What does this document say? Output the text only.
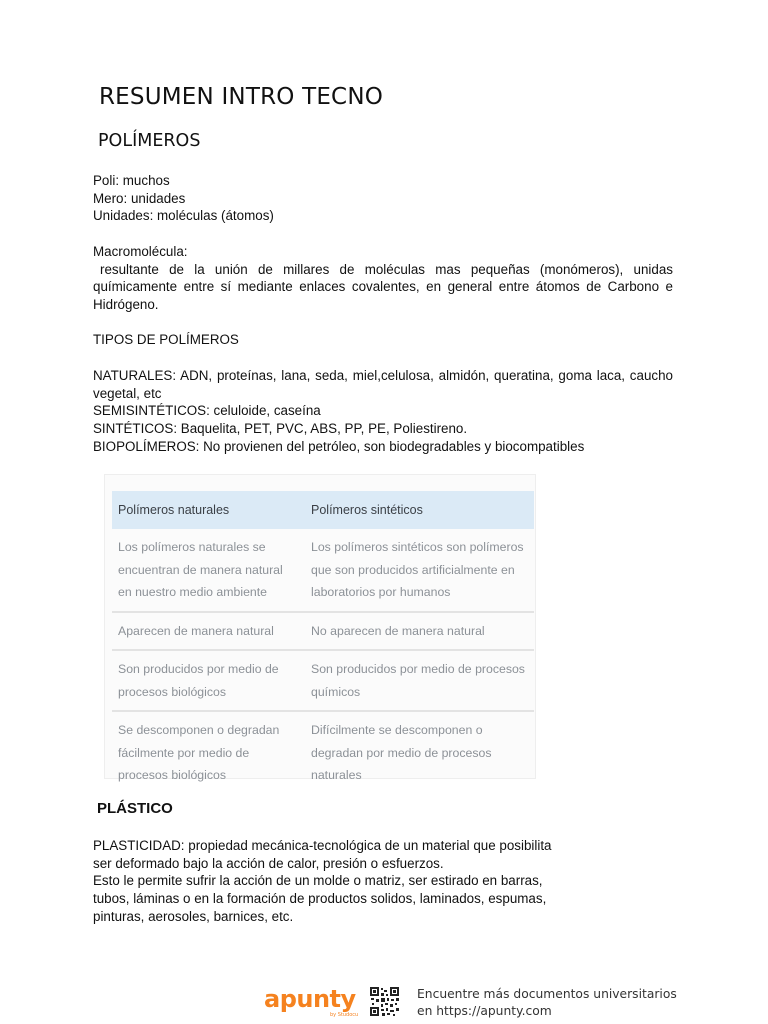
RESUMEN INTRO TECNO
POLÍMEROS

Poli: muchos

Mero: unidades

Unidades: moléculas (átomos)

Macromolécula:

resultante de la unión de millares de moléculas mas pequeñas (monómeros), unidas químicamente entre sí mediante enlaces covalentes, en general entre átomos de Carbono e Hidrógeno.

TIPOS DE POLÍMEROS

NATURALES: ADN, proteínas, lana, seda, miel,celulosa, almidón, queratina, goma laca, caucho vegetal, etc

SEMISINTÉTICOS: celuloide, caseína

SINTÉTICOS: Baquelita, PET, PVC, ABS, PP, PE, Poliestireno.

BIOPOLÍMEROS: No provienen del petróleo, son biodegradables y biocompatibles

Polímeros naturales	Polímeros sintéticos
Los polímeros naturales se encuentran de manera natural en nuestro medio ambiente	Los polímeros sintéticos son polímeros que son producidos artificialmente en laboratorios por humanos
Aparecen de manera natural	No aparecen de manera natural
Son producidos por medio de procesos biológicos	Son producidos por medio de procesos químicos
Se descomponen o degradan fácilmente por medio de procesos biológicos	Difícilmente se descomponen o degradan por medio de procesos naturales
PLÁSTICO

PLASTICIDAD: propiedad mecánica-tecnológica de un material que posibilita

ser deformado bajo la acción de calor, presión o esfuerzos.

Esto le permite sufrir la acción de un molde o matriz, ser estirado en barras,

tubos, láminas o en la formación de productos solidos, laminados, espumas,

pinturas, aerosoles, barnices, etc.

apunty
by Studocu
Encuentre más documentos universitarios
en https://apunty.com
